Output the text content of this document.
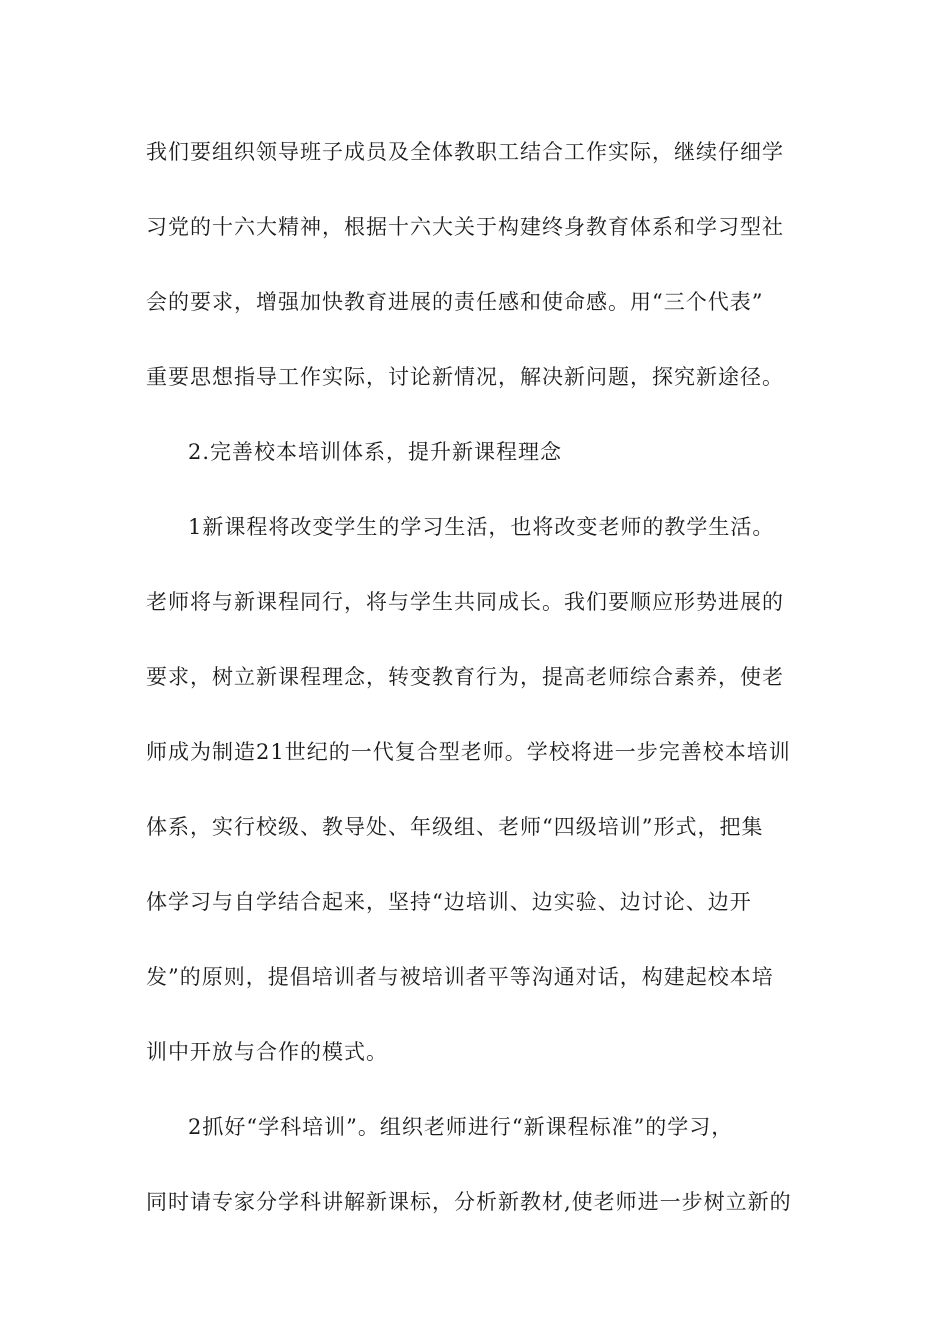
我们要组织领导班子成员及全体教职工结合工作实际，继续仔细学
习党的十六大精神，根据十六大关于构建终身教育体系和学习型社
会的要求，增强加快教育进展的责任感和使命感。用“三个代表”
重要思想指导工作实际，讨论新情况，解决新问题，探究新途径。
2.完善校本培训体系，提升新课程理念
1新课程将改变学生的学习生活，也将改变老师的教学生活。
老师将与新课程同行，将与学生共同成长。我们要顺应形势进展的
要求，树立新课程理念，转变教育行为，提高老师综合素养，使老
师成为制造21世纪的一代复合型老师。学校将进一步完善校本培训
体系，实行校级、教导处、年级组、老师“四级培训”形式，把集
体学习与自学结合起来，坚持“边培训、边实验、边讨论、边开
发”的原则，提倡培训者与被培训者平等沟通对话，构建起校本培
训中开放与合作的模式。
2抓好“学科培训”。组织老师进行“新课程标准”的学习，
同时请专家分学科讲解新课标，分析新教材,使老师进一步树立新的
